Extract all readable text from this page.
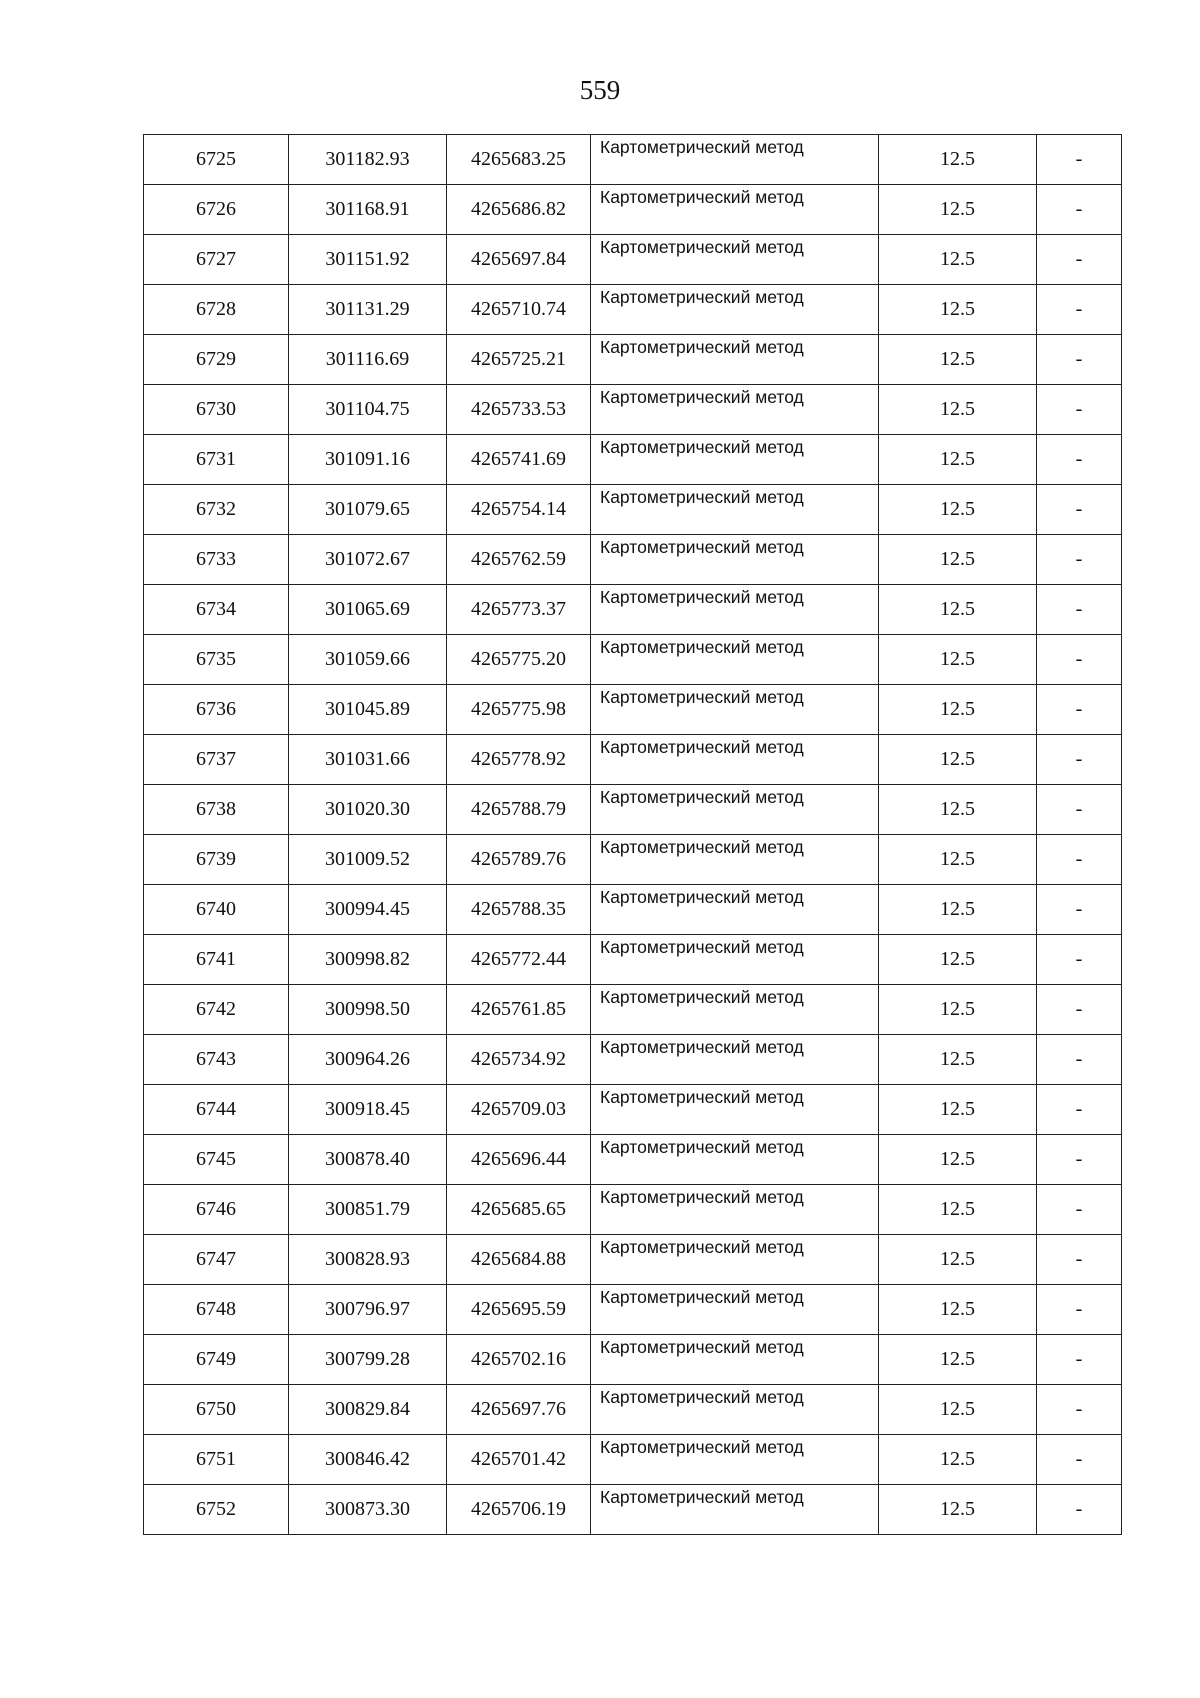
559
6725	301182.93	4265683.25	Картометрический метод	12.5	-
6726	301168.91	4265686.82	Картометрический метод	12.5	-
6727	301151.92	4265697.84	Картометрический метод	12.5	-
6728	301131.29	4265710.74	Картометрический метод	12.5	-
6729	301116.69	4265725.21	Картометрический метод	12.5	-
6730	301104.75	4265733.53	Картометрический метод	12.5	-
6731	301091.16	4265741.69	Картометрический метод	12.5	-
6732	301079.65	4265754.14	Картометрический метод	12.5	-
6733	301072.67	4265762.59	Картометрический метод	12.5	-
6734	301065.69	4265773.37	Картометрический метод	12.5	-
6735	301059.66	4265775.20	Картометрический метод	12.5	-
6736	301045.89	4265775.98	Картометрический метод	12.5	-
6737	301031.66	4265778.92	Картометрический метод	12.5	-
6738	301020.30	4265788.79	Картометрический метод	12.5	-
6739	301009.52	4265789.76	Картометрический метод	12.5	-
6740	300994.45	4265788.35	Картометрический метод	12.5	-
6741	300998.82	4265772.44	Картометрический метод	12.5	-
6742	300998.50	4265761.85	Картометрический метод	12.5	-
6743	300964.26	4265734.92	Картометрический метод	12.5	-
6744	300918.45	4265709.03	Картометрический метод	12.5	-
6745	300878.40	4265696.44	Картометрический метод	12.5	-
6746	300851.79	4265685.65	Картометрический метод	12.5	-
6747	300828.93	4265684.88	Картометрический метод	12.5	-
6748	300796.97	4265695.59	Картометрический метод	12.5	-
6749	300799.28	4265702.16	Картометрический метод	12.5	-
6750	300829.84	4265697.76	Картометрический метод	12.5	-
6751	300846.42	4265701.42	Картометрический метод	12.5	-
6752	300873.30	4265706.19	Картометрический метод	12.5	-
